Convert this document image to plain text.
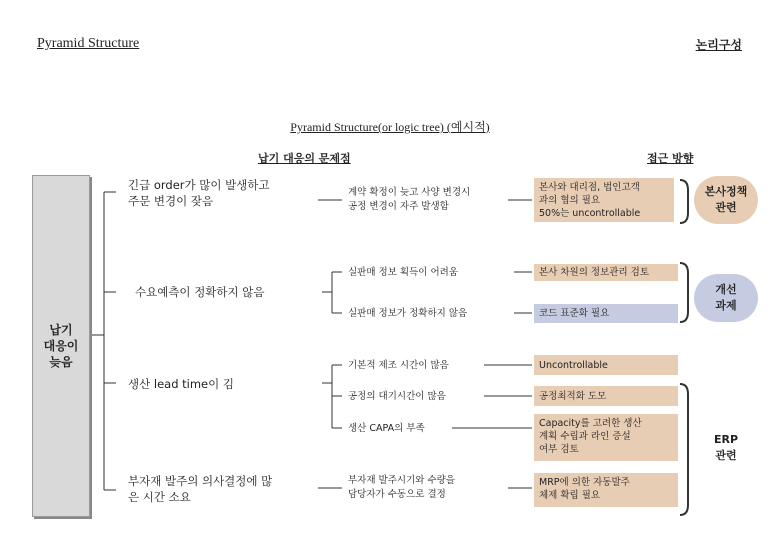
Pyramid Structure	논리구성
Pyramid Structure(or logic tree) (예시적)
납기 대응의 문제점	접근 방향
납기
대응이
늦음
긴급 order가 많이 발생하고
주문 변경이 잦음
수요예측이 정확하지 않음
생산 lead time이 김
부자재 발주의 의사결정에 많
은 시간 소요
계약 확정이 늦고 사양 변경시
공정 변경이 자주 발생함
실판매 정보 획득이 어려움
실판매 정보가 정확하지 않음
기본적 제조 시간이 많음
공정의 대기시간이 많음
생산 CAPA의 부족
부자재 발주시기와 수량을
담당자가 수동으로 결정
본사와 대리점, 법인고객
과의 협의 필요
50%는 uncontrollable
본사 차원의 정보관리 검토
코드 표준화 필요
Uncontrollable
공정최적화 도모
Capacity를 고려한 생산
계획 수립과 라인 증설
여부 검토
MRP에 의한 자동발주
체제 확립 필요
본사정책
관련
개선
과제
ERP
관련
